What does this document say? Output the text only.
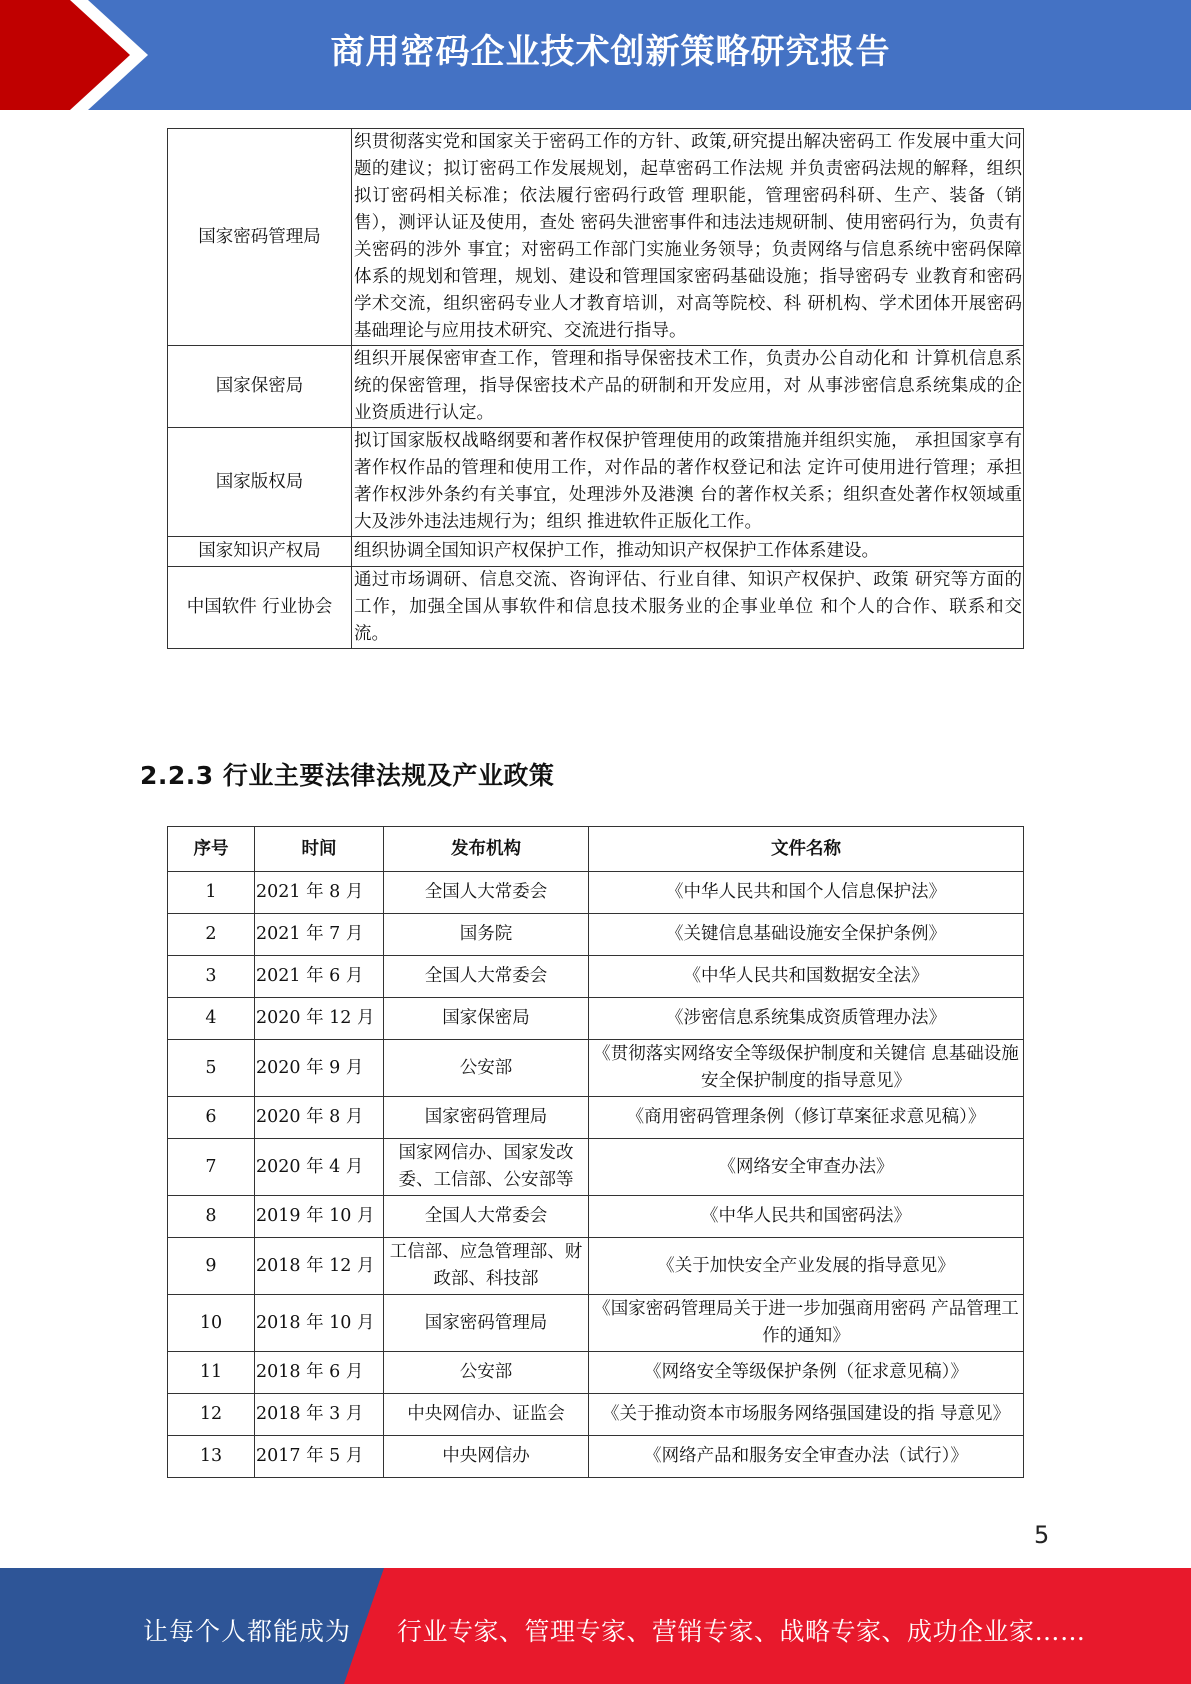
商用密码企业技术创新策略研究报告
国家密码管理局	织贯彻落实党和国家关于密码工作的方针、政策,研究提出解决密码工 作发展中重大问题的建议；拟订密码工作发展规划，起草密码工作法规 并负责密码法规的解释，组织拟订密码相关标准；依法履行密码行政管 理职能，管理密码科研、生产、装备（销售），测评认证及使用，查处 密码失泄密事件和违法违规研制、使用密码行为，负责有关密码的涉外 事宜；对密码工作部门实施业务领导；负责网络与信息系统中密码保障 体系的规划和管理，规划、建设和管理国家密码基础设施；指导密码专 业教育和密码学术交流，组织密码专业人才教育培训，对高等院校、科 研机构、学术团体开展密码基础理论与应用技术研究、交流进行指导。
国家保密局	组织开展保密审查工作，管理和指导保密技术工作，负责办公自动化和 计算机信息系统的保密管理，指导保密技术产品的研制和开发应用，对 从事涉密信息系统集成的企业资质进行认定。
国家版权局	拟订国家版权战略纲要和著作权保护管理使用的政策措施并组织实施， 承担国家享有著作权作品的管理和使用工作，对作品的著作权登记和法 定许可使用进行管理；承担著作权涉外条约有关事宜，处理涉外及港澳 台的著作权关系；组织查处著作权领域重大及涉外违法违规行为；组织 推进软件正版化工作。
国家知识产权局	组织协调全国知识产权保护工作，推动知识产权保护工作体系建设。
中国软件 行业协会	通过市场调研、信息交流、咨询评估、行业自律、知识产权保护、政策 研究等方面的工作，加强全国从事软件和信息技术服务业的企事业单位 和个人的合作、联系和交流。
2.2.3 行业主要法律法规及产业政策
序号	时间	发布机构	文件名称
1	2021 年 8 月	全国人大常委会	《中华人民共和国个人信息保护法》
2	2021 年 7 月	国务院	《关键信息基础设施安全保护条例》
3	2021 年 6 月	全国人大常委会	《中华人民共和国数据安全法》
4	2020 年 12 月	国家保密局	《涉密信息系统集成资质管理办法》
5	2020 年 9 月	公安部	《贯彻落实网络安全等级保护制度和关键信 息基础设施安全保护制度的指导意见》
6	2020 年 8 月	国家密码管理局	《商用密码管理条例（修订草案征求意见稿）》
7	2020 年 4 月	国家网信办、国家发改委、工信部、公安部等	《网络安全审查办法》
8	2019 年 10 月	全国人大常委会	《中华人民共和国密码法》
9	2018 年 12 月	工信部、应急管理部、财政部、科技部	《关于加快安全产业发展的指导意见》
10	2018 年 10 月	国家密码管理局	《国家密码管理局关于进一步加强商用密码 产品管理工作的通知》
11	2018 年 6 月	公安部	《网络安全等级保护条例（征求意见稿）》
12	2018 年 3 月	中央网信办、证监会	《关于推动资本市场服务网络强国建设的指 导意见》
13	2017 年 5 月	中央网信办	《网络产品和服务安全审查办法（试行）》
5
让每个人都能成为 行业专家、管理专家、营销专家、战略专家、成功企业家……
